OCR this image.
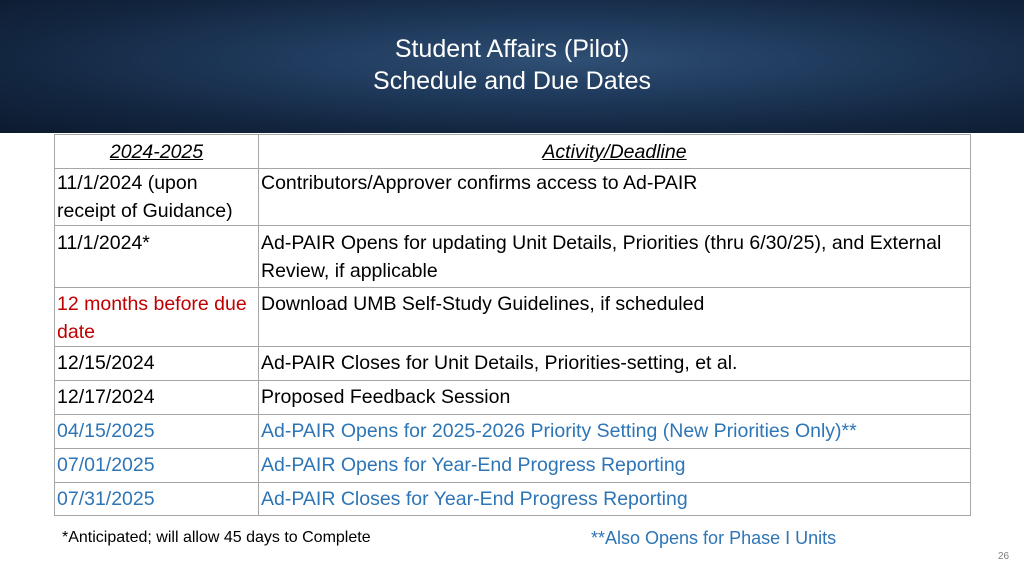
Student Affairs (Pilot)
Schedule and Due Dates
2024-2025	Activity/Deadline
11/1/2024 (upon receipt of Guidance)	Contributors/Approver confirms access to Ad-PAIR
11/1/2024*	Ad-PAIR Opens for updating Unit Details, Priorities (thru 6/30/25), and External Review, if applicable
12 months before due date	Download UMB Self-Study Guidelines, if scheduled
12/15/2024	Ad-PAIR Closes for Unit Details, Priorities-setting, et al.
12/17/2024	Proposed Feedback Session
04/15/2025	Ad-PAIR Opens for 2025-2026 Priority Setting (New Priorities Only)**
07/01/2025	Ad-PAIR Opens for Year-End Progress Reporting
07/31/2025	Ad-PAIR Closes for Year-End Progress Reporting
*Anticipated; will allow 45 days to Complete	**Also Opens for Phase I Units
26
